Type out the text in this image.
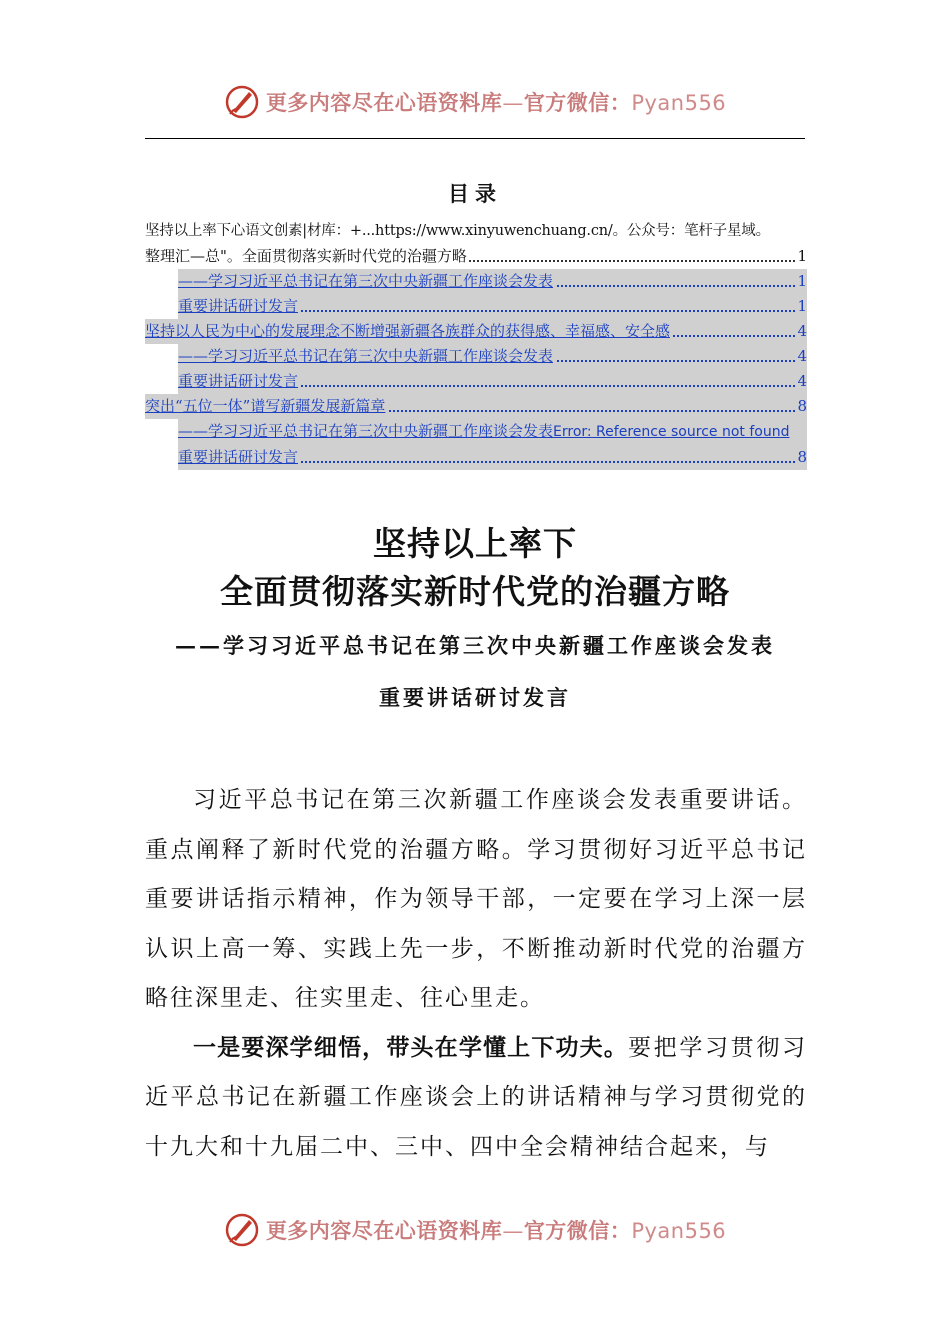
更多内容尽在心语资料库—官方微信：Pyan556
目录
坚持以上率下心语文创素|材库：+...https://www.xinyuwenchuang.cn/。公众号：笔杆子星域。
整理汇—总"。全面贯彻落实新时代党的治疆方略	1
——学习习近平总书记在第三次中央新疆工作座谈会发表	1
重要讲话研讨发言	1
坚持以人民为中心的发展理念不断增强新疆各族群众的获得感、幸福感、安全感	4
——学习习近平总书记在第三次中央新疆工作座谈会发表	4
重要讲话研讨发言	4
突出“五位一体”谱写新疆发展新篇章	8
——学习习近平总书记在第三次中央新疆工作座谈会发表Error: Reference source not found
重要讲话研讨发言	8
坚持以上率下
全面贯彻落实新时代党的治疆方略
——学习习近平总书记在第三次中央新疆工作座谈会发表
重要讲话研讨发言

习近平总书记在第三次新疆工作座谈会发表重要讲话。重点阐释了新时代党的治疆方略。学习贯彻好习近平总书记重要讲话指示精神，作为领导干部，一定要在学习上深一层认识上高一筹、实践上先一步，不断推动新时代党的治疆方略往深里走、往实里走、往心里走。

一是要深学细悟，带头在学懂上下功夫。要把学习贯彻习近平总书记在新疆工作座谈会上的讲话精神与学习贯彻党的十九大和十九届二中、三中、四中全会精神结合起来，与

更多内容尽在心语资料库—官方微信：Pyan556
